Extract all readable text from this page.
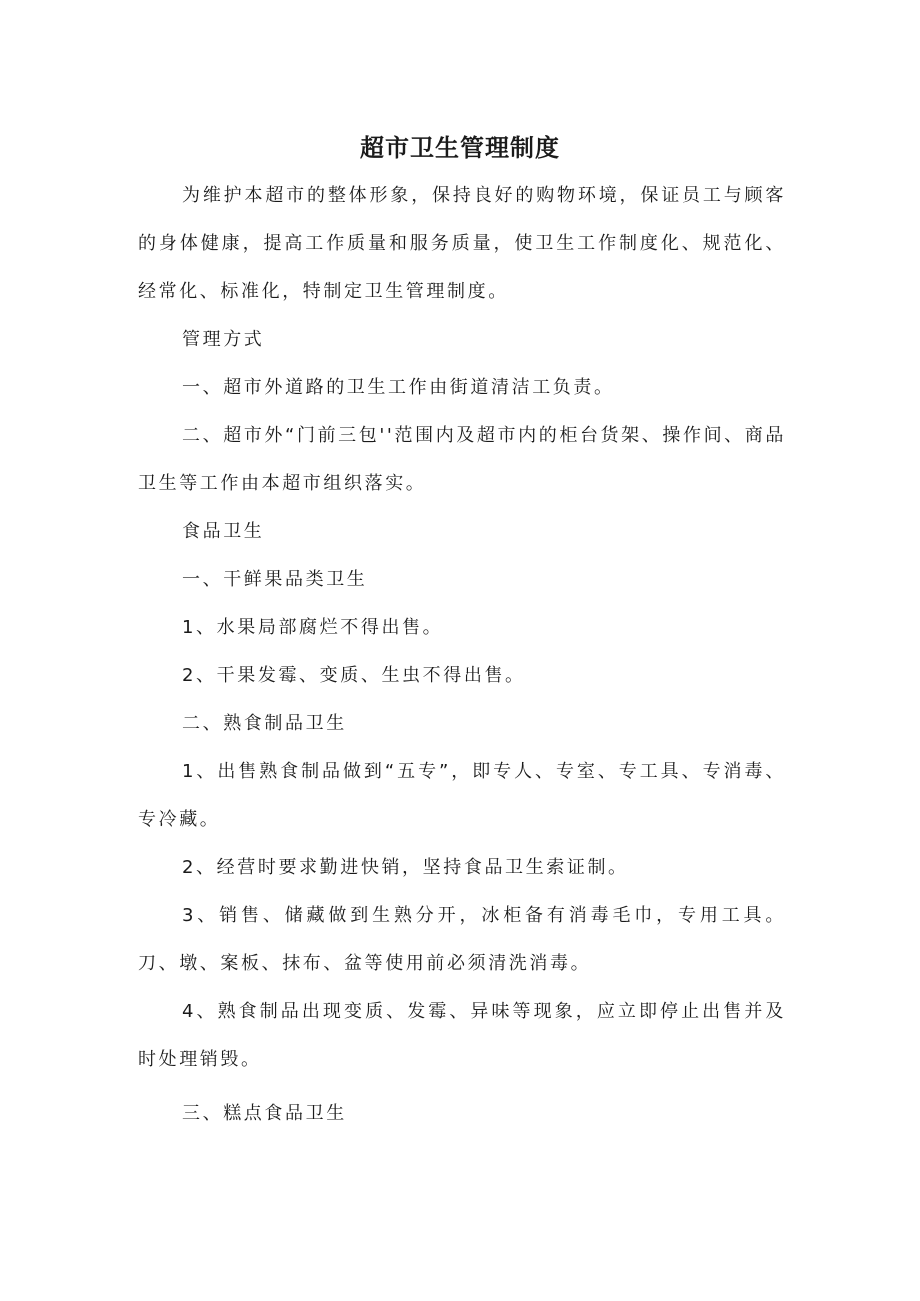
超市卫生管理制度

为维护本超市的整体形象，保持良好的购物环境，保证员工与顾客的身体健康，提高工作质量和服务质量，使卫生工作制度化、规范化、经常化、标准化，特制定卫生管理制度。

管理方式

一、超市外道路的卫生工作由街道清洁工负责。

二、超市外“门前三包''范围内及超市内的柜台货架、操作间、商品卫生等工作由本超市组织落实。

食品卫生

一、干鲜果品类卫生

1、水果局部腐烂不得出售。

2、干果发霉、变质、生虫不得出售。

二、熟食制品卫生

1、出售熟食制品做到“五专”，即专人、专室、专工具、专消毒、专冷藏。

2、经营时要求勤进快销，坚持食品卫生索证制。

3、销售、储藏做到生熟分开，冰柜备有消毒毛巾，专用工具。刀、墩、案板、抹布、盆等使用前必须清洗消毒。

4、熟食制品出现变质、发霉、异味等现象，应立即停止出售并及时处理销毁。

三、糕点食品卫生
